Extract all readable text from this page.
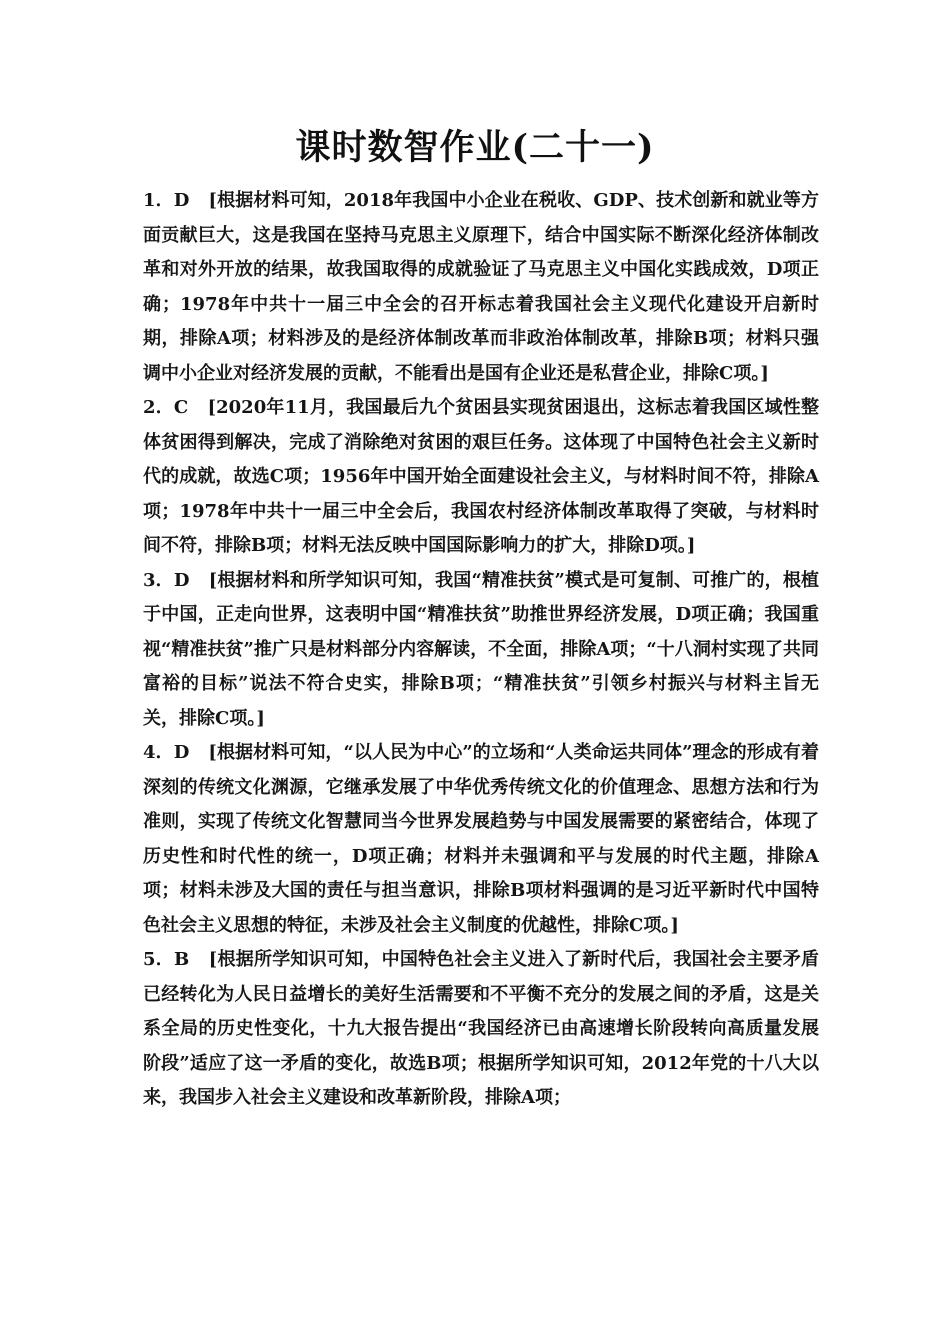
课时数智作业(二十一)

1．D [根据材料可知，2018年我国中小企业在税收、GDP、技术创新和就业等方面贡献巨大，这是我国在坚持马克思主义原理下，结合中国实际不断深化经济体制改革和对外开放的结果，故我国取得的成就验证了马克思主义中国化实践成效，D项正确；1978年中共十一届三中全会的召开标志着我国社会主义现代化建设开启新时期，排除A项；材料涉及的是经济体制改革而非政治体制改革，排除B项；材料只强调中小企业对经济发展的贡献，不能看出是国有企业还是私营企业，排除C项。]

2．C [2020年11月，我国最后九个贫困县实现贫困退出，这标志着我国区域性整体贫困得到解决，完成了消除绝对贫困的艰巨任务。这体现了中国特色社会主义新时代的成就，故选C项；1956年中国开始全面建设社会主义，与材料时间不符，排除A项；1978年中共十一届三中全会后，我国农村经济体制改革取得了突破，与材料时间不符，排除B项；材料无法反映中国国际影响力的扩大，排除D项。]

3．D [根据材料和所学知识可知，我国“精准扶贫”模式是可复制、可推广的，根植于中国，正走向世界，这表明中国“精准扶贫”助推世界经济发展，D项正确；我国重视“精准扶贫”推广只是材料部分内容解读，不全面，排除A项；“十八洞村实现了共同富裕的目标”说法不符合史实，排除B项；“精准扶贫”引领乡村振兴与材料主旨无关，排除C项。]

4．D [根据材料可知，“以人民为中心”的立场和“人类命运共同体”理念的形成有着深刻的传统文化渊源，它继承发展了中华优秀传统文化的价值理念、思想方法和行为准则，实现了传统文化智慧同当今世界发展趋势与中国发展需要的紧密结合，体现了历史性和时代性的统一，D项正确；材料并未强调和平与发展的时代主题，排除A项；材料未涉及大国的责任与担当意识，排除B项材料强调的是习近平新时代中国特色社会主义思想的特征，未涉及社会主义制度的优越性，排除C项。]

5．B [根据所学知识可知，中国特色社会主义进入了新时代后，我国社会主要矛盾已经转化为人民日益增长的美好生活需要和不平衡不充分的发展之间的矛盾，这是关系全局的历史性变化，十九大报告提出“我国经济已由高速增长阶段转向高质量发展阶段”适应了这一矛盾的变化，故选B项；根据所学知识可知，2012年党的十八大以来，我国步入社会主义建设和改革新阶段，排除A项；
